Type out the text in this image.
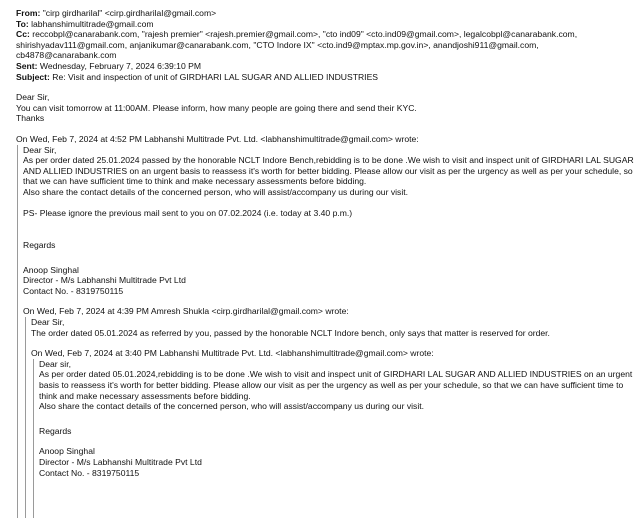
From: "cirp girdharilal" <cirp.girdharilal@gmail.com>
To: labhanshimultitrade@gmail.com
Cc: reccobpl@canarabank.com, "rajesh premier" <rajesh.premier@gmail.com>, "cto ind09" <cto.ind09@gmail.com>, legalcobpl@canarabank.com, shirishyadav111@gmail.com, anjanikumar@canarabank.com, "CTO Indore IX" <cto.ind9@mptax.mp.gov.in>, anandjoshi911@gmail.com, cb4878@canarabank.com
Sent: Wednesday, February 7, 2024 6:39:10 PM
Subject: Re: Visit and inspection of unit of GIRDHARI LAL SUGAR AND ALLIED INDUSTRIES
Dear Sir,
You can visit tomorrow at 11:00AM. Please inform, how many people are going there and send their KYC.
Thanks
On Wed, Feb 7, 2024 at 4:52 PM Labhanshi Multitrade Pvt. Ltd. <labhanshimultitrade@gmail.com> wrote:
Dear Sir,
As per order dated 25.01.2024 passed by the honorable NCLT Indore Bench,rebidding is to be done .We wish to visit and inspect unit of GIRDHARI LAL SUGAR AND ALLIED INDUSTRIES on an urgent basis to reassess it's worth for better bidding. Please allow our visit as per the urgency as well as per your schedule, so that we can have sufficient time to think and make necessary assessments before bidding.
Also share the contact details of the concerned person, who will assist/accompany us during our visit.
PS- Please ignore the previous mail sent to you on 07.02.2024 (i.e. today at 3.40 p.m.)
Regards
Anoop Singhal
Director - M/s Labhanshi Multitrade Pvt Ltd
Contact No. - 8319750115
On Wed, Feb 7, 2024 at 4:39 PM Amresh Shukla <cirp.girdharilal@gmail.com> wrote:
Dear Sir,
The order dated 05.01.2024 as referred by you, passed by the honorable NCLT Indore bench, only says that matter is reserved for order.
On Wed, Feb 7, 2024 at 3:40 PM Labhanshi Multitrade Pvt. Ltd. <labhanshimultitrade@gmail.com> wrote:
Dear sir,
As per order dated 05.01.2024,rebidding is to be done .We wish to visit and inspect unit of GIRDHARI LAL SUGAR AND ALLIED INDUSTRIES on an urgent basis to reassess it's worth for better bidding. Please allow our visit as per the urgency as well as per your schedule, so that we can have sufficient time to think and make necessary assessments before bidding.
Also share the contact details of the concerned person, who will assist/accompany us during our visit.
Regards
Anoop Singhal
Director - M/s Labhanshi Multitrade Pvt Ltd
Contact No. - 8319750115
